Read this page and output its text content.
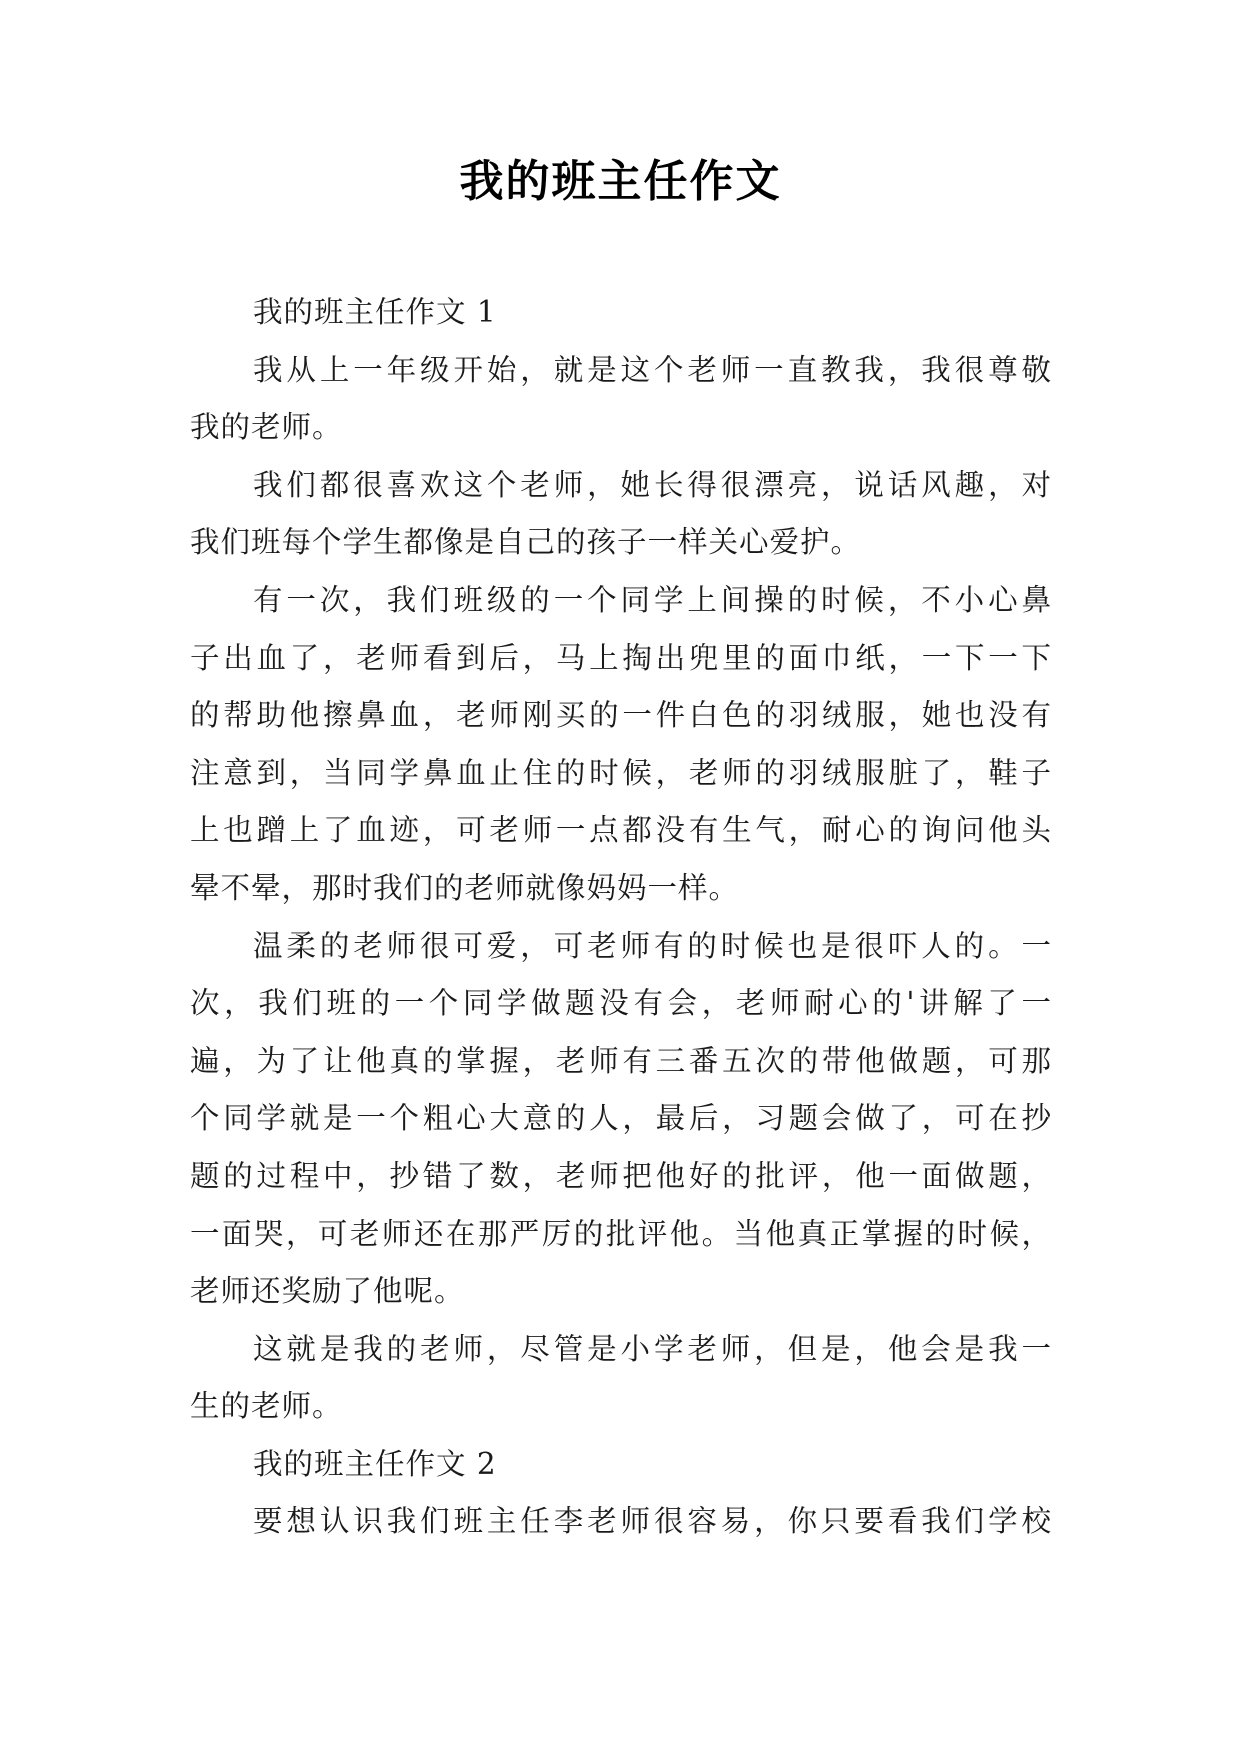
我的班主任作文
我的班主任作文 1
我从上一年级开始，就是这个老师一直教我，我很尊敬
我的老师。
我们都很喜欢这个老师，她长得很漂亮，说话风趣，对
我们班每个学生都像是自己的孩子一样关心爱护。
有一次，我们班级的一个同学上间操的时候，不小心鼻
子出血了，老师看到后，马上掏出兜里的面巾纸，一下一下
的帮助他擦鼻血，老师刚买的一件白色的羽绒服，她也没有
注意到，当同学鼻血止住的时候，老师的羽绒服脏了，鞋子
上也蹭上了血迹，可老师一点都没有生气，耐心的询问他头
晕不晕，那时我们的老师就像妈妈一样。
温柔的老师很可爱，可老师有的时候也是很吓人的。一
次，我们班的一个同学做题没有会，老师耐心的'讲解了一
遍，为了让他真的掌握，老师有三番五次的带他做题，可那
个同学就是一个粗心大意的人，最后，习题会做了，可在抄
题的过程中，抄错了数，老师把他好的批评，他一面做题，
一面哭，可老师还在那严厉的批评他。当他真正掌握的时候，
老师还奖励了他呢。
这就是我的老师，尽管是小学老师，但是，他会是我一
生的老师。
我的班主任作文 2
要想认识我们班主任李老师很容易，你只要看我们学校
